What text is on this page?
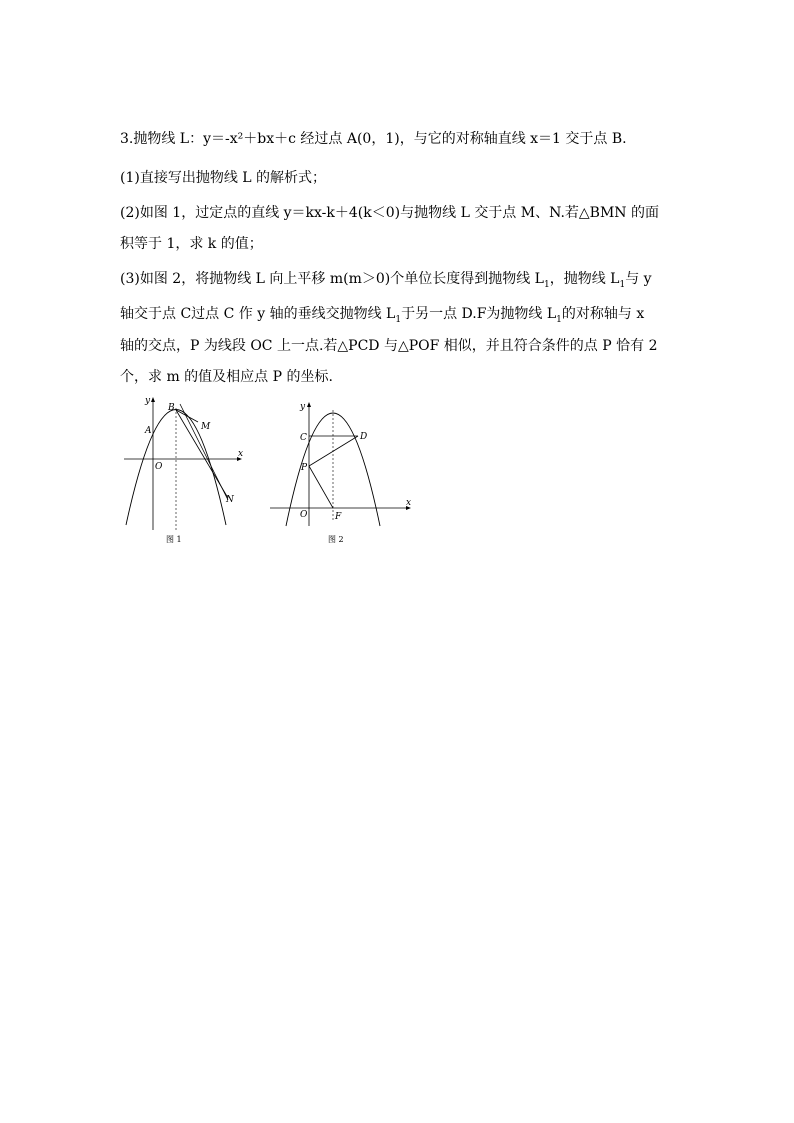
3.抛物线 L：y＝-x²＋bx＋c 经过点 A(0，1)，与它的对称轴直线 x＝1 交于点 B.
(1)直接写出抛物线 L 的解析式；
(2)如图 1，过定点的直线 y＝kx-k＋4(k＜0)与抛物线 L 交于点 M、N.若△BMN 的面
积等于 1，求 k 的值；
(3)如图 2，将抛物线 L 向上平移 m(m＞0)个单位长度得到抛物线 $L_1$，抛物线 $L_1$与 y
轴交于点 C过点 C 作 y 轴的垂线交抛物线 $L_1$于另一点 D.F为抛物线 $L_1$的对称轴与 x
轴的交点，P 为线段 OC 上一点.若△PCD 与△POF 相似，并且符合条件的点 P 恰有 2
个，求 m 的值及相应点 P 的坐标.
y
x
O
A
B
M
N
图 1
y
x
O
C	D
P
F
图 2
